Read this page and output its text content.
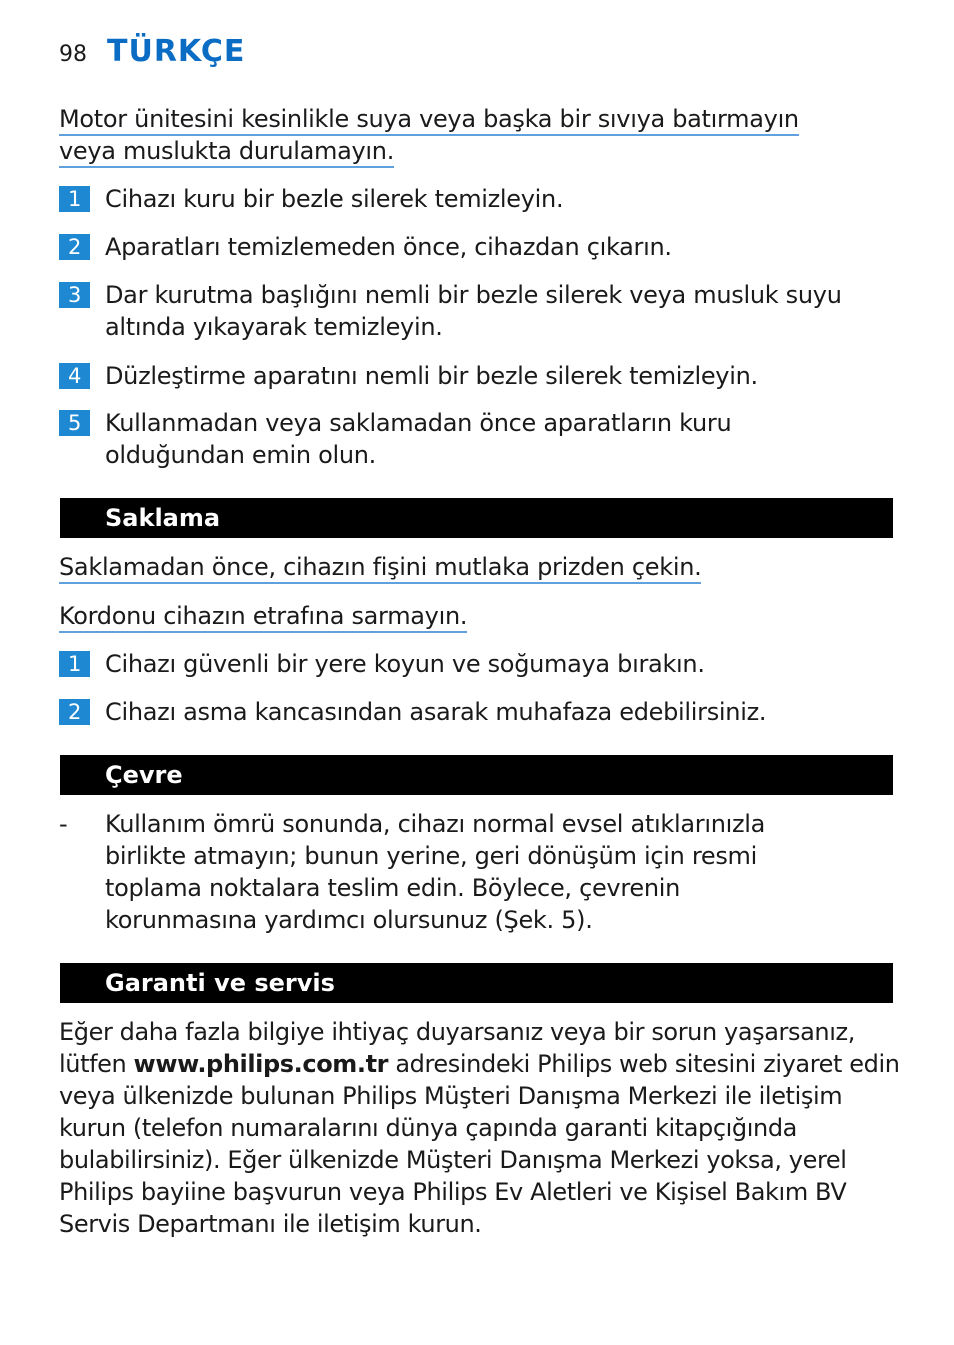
98 TÜRKÇE
Motor ünitesini kesinlikle suya veya başka bir sıvıya batırmayın veya muslukta durulamayın.
1 Cihazı kuru bir bezle silerek temizleyin.
2 Aparatları temizlemeden önce, cihazdan çıkarın.
3 Dar kurutma başlığını nemli bir bezle silerek veya musluk suyu altında yıkayarak temizleyin.
4 Düzleştirme aparatını nemli bir bezle silerek temizleyin.
5 Kullanmadan veya saklamadan önce aparatların kuru olduğundan emin olun.
Saklama
Saklamadan önce, cihazın fişini mutlaka prizden çekin.
Kordonu cihazın etrafına sarmayın.
1 Cihazı güvenli bir yere koyun ve soğumaya bırakın.
2 Cihazı asma kancasından asarak muhafaza edebilirsiniz.
Çevre
-	Kullanım ömrü sonunda, cihazı normal evsel atıklarınızla birlikte atmayın; bunun yerine, geri dönüşüm için resmi toplama noktalara teslim edin. Böylece, çevrenin korunmasına yardımcı olursunuz (Şek. 5).
Garanti ve servis
Eğer daha fazla bilgiye ihtiyaç duyarsanız veya bir sorun yaşarsanız, lütfen www.philips.com.tr adresindeki Philips web sitesini ziyaret edin veya ülkenizde bulunan Philips Müşteri Danışma Merkezi ile iletişim kurun (telefon numaralarını dünya çapında garanti kitapçığında bulabilirsiniz). Eğer ülkenizde Müşteri Danışma Merkezi yoksa, yerel Philips bayiine başvurun veya Philips Ev Aletleri ve Kişisel Bakım BV Servis Departmanı ile iletişim kurun.
